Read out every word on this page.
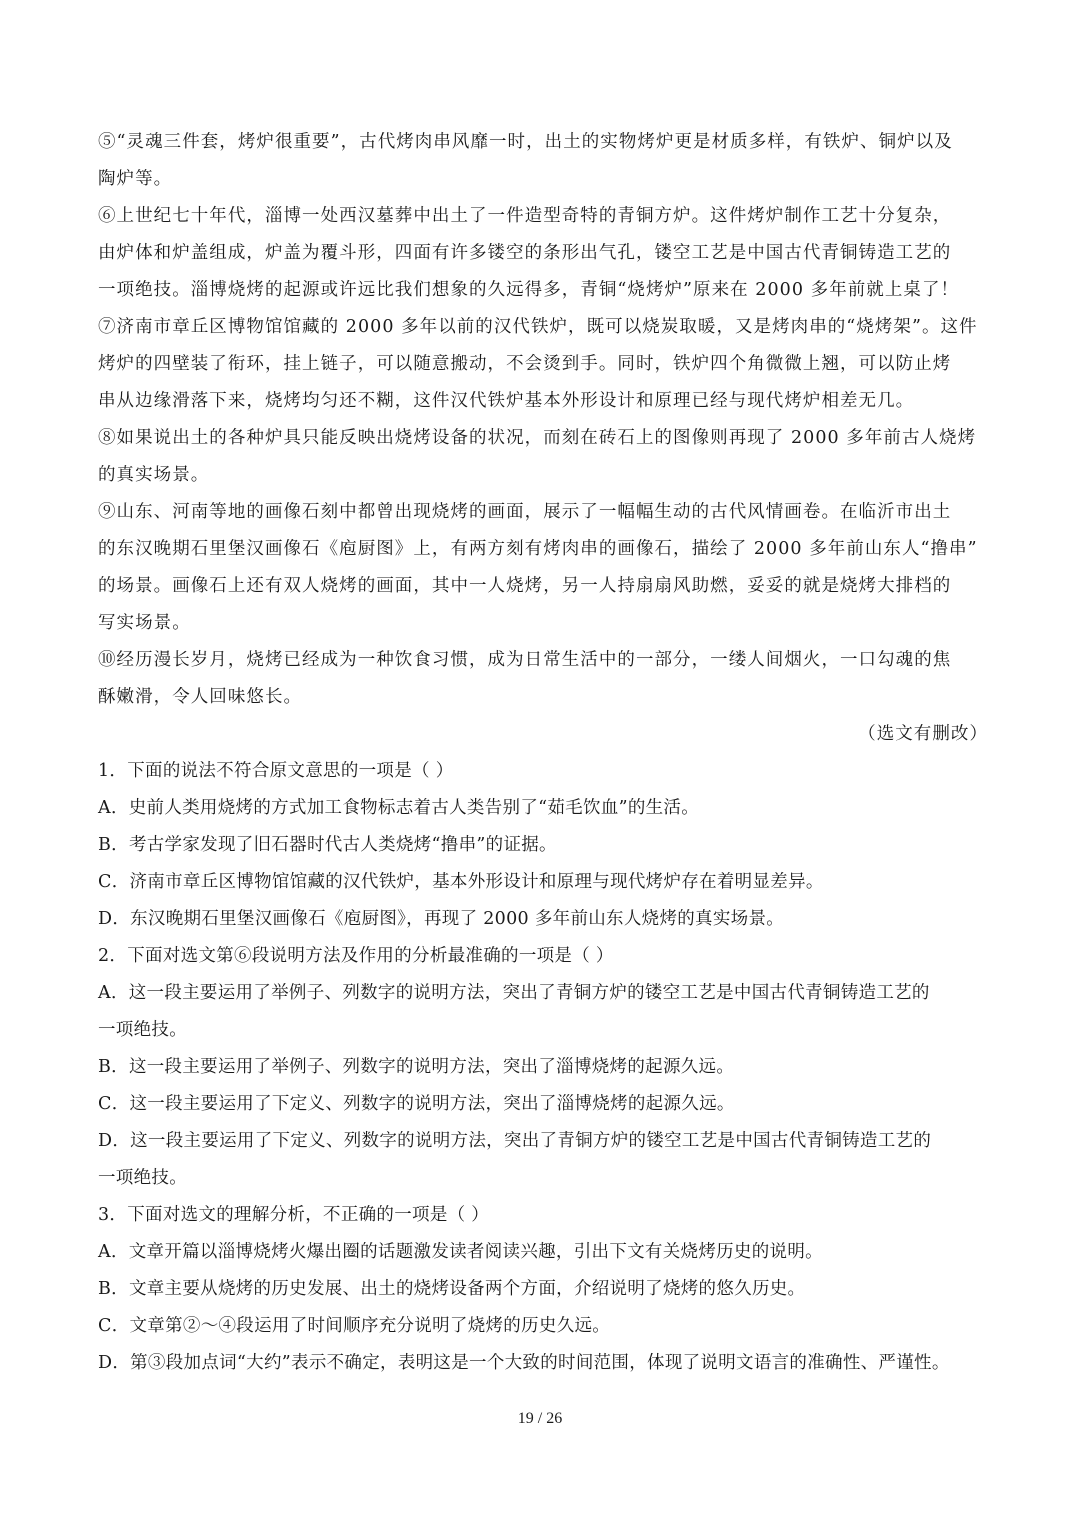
⑤“灵魂三件套，烤炉很重要”，古代烤肉串风靡一时，出土的实物烤炉更是材质多样，有铁炉、铜炉以及
陶炉等。
⑥上世纪七十年代，淄博一处西汉墓葬中出土了一件造型奇特的青铜方炉。这件烤炉制作工艺十分复杂，
由炉体和炉盖组成，炉盖为覆斗形，四面有许多镂空的条形出气孔，镂空工艺是中国古代青铜铸造工艺的
一项绝技。淄博烧烤的起源或许远比我们想象的久远得多，青铜“烧烤炉”原来在 2000 多年前就上桌了！
⑦济南市章丘区博物馆馆藏的 2000 多年以前的汉代铁炉，既可以烧炭取暖，又是烤肉串的“烧烤架”。这件
烤炉的四壁装了衔环，挂上链子，可以随意搬动，不会烫到手。同时，铁炉四个角微微上翘，可以防止烤
串从边缘滑落下来，烧烤均匀还不糊，这件汉代铁炉基本外形设计和原理已经与现代烤炉相差无几。
⑧如果说出土的各种炉具只能反映出烧烤设备的状况，而刻在砖石上的图像则再现了 2000 多年前古人烧烤
的真实场景。
⑨山东、河南等地的画像石刻中都曾出现烧烤的画面，展示了一幅幅生动的古代风情画卷。在临沂市出土
的东汉晚期石里堡汉画像石《庖厨图》上，有两方刻有烤肉串的画像石，描绘了 2000 多年前山东人“撸串”
的场景。画像石上还有双人烧烤的画面，其中一人烧烤，另一人持扇扇风助燃，妥妥的就是烧烤大排档的
写实场景。
⑩经历漫长岁月，烧烤已经成为一种饮食习惯，成为日常生活中的一部分，一缕人间烟火，一口勾魂的焦
酥嫩滑，令人回味悠长。
（选文有删改）
1．下面的说法不符合原文意思的一项是（ ）
A．史前人类用烧烤的方式加工食物标志着古人类告别了“茹毛饮血”的生活。
B．考古学家发现了旧石器时代古人类烧烤“撸串”的证据。
C．济南市章丘区博物馆馆藏的汉代铁炉，基本外形设计和原理与现代烤炉存在着明显差异。
D．东汉晚期石里堡汉画像石《庖厨图》，再现了 2000 多年前山东人烧烤的真实场景。
2．下面对选文第⑥段说明方法及作用的分析最准确的一项是（ ）
A．这一段主要运用了举例子、列数字的说明方法，突出了青铜方炉的镂空工艺是中国古代青铜铸造工艺的
一项绝技。
B．这一段主要运用了举例子、列数字的说明方法，突出了淄博烧烤的起源久远。
C．这一段主要运用了下定义、列数字的说明方法，突出了淄博烧烤的起源久远。
D．这一段主要运用了下定义、列数字的说明方法，突出了青铜方炉的镂空工艺是中国古代青铜铸造工艺的
一项绝技。
3．下面对选文的理解分析，不正确的一项是（ ）
A．文章开篇以淄博烧烤火爆出圈的话题激发读者阅读兴趣，引出下文有关烧烤历史的说明。
B．文章主要从烧烤的历史发展、出土的烧烤设备两个方面，介绍说明了烧烤的悠久历史。
C．文章第②～④段运用了时间顺序充分说明了烧烤的历史久远。
D．第③段加点词“大约”表示不确定，表明这是一个大致的时间范围，体现了说明文语言的准确性、严谨性。
19 / 26
